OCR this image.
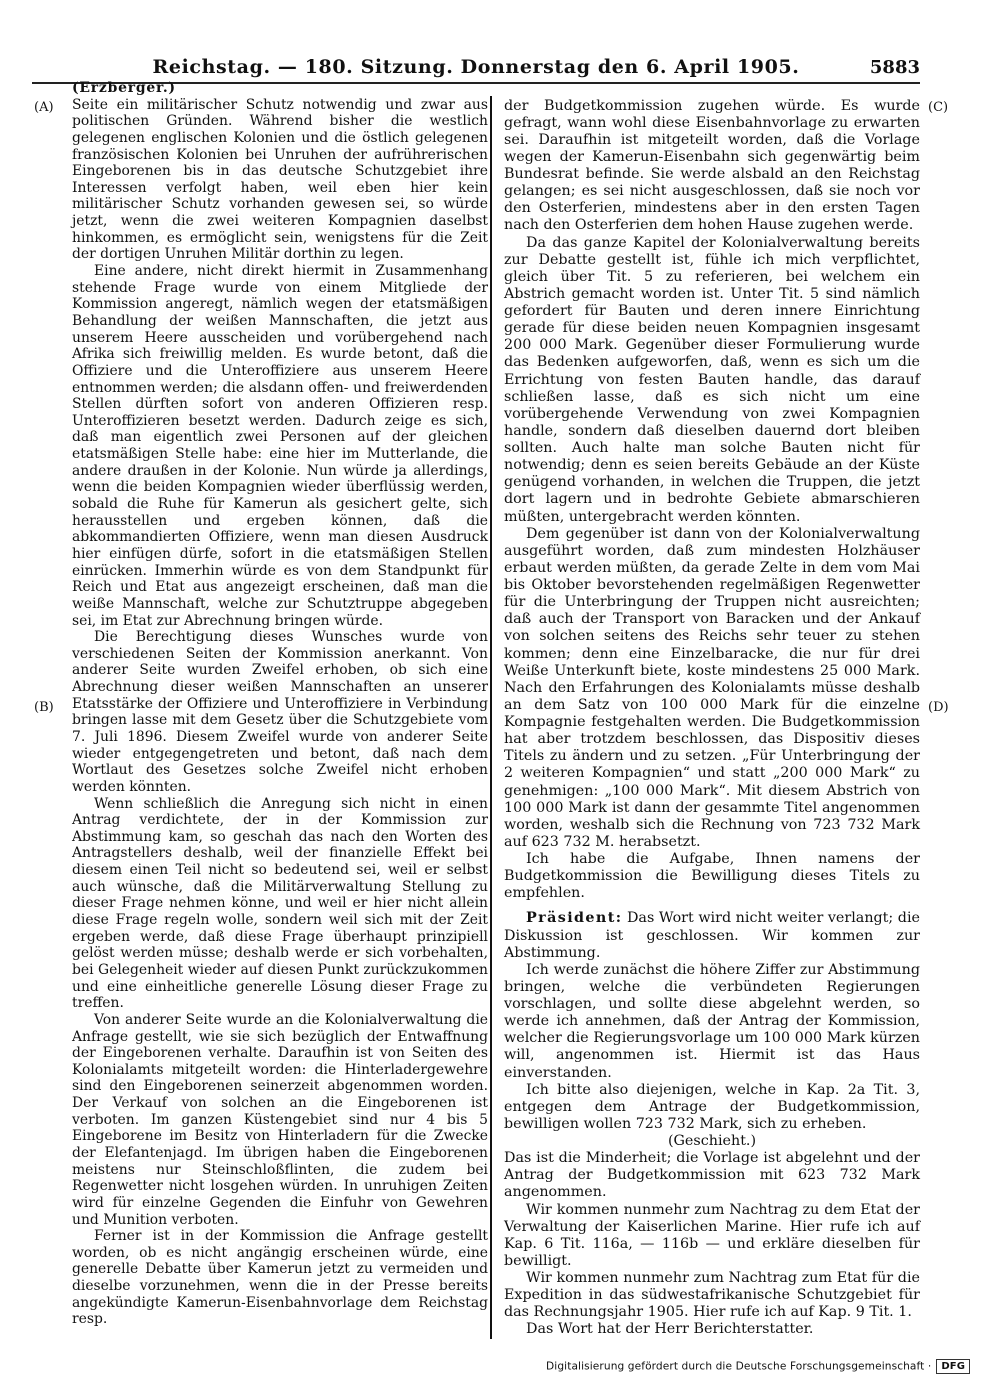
Reichstag. — 180. Sitzung. Donnerstag den 6. April 1905.	5883
(A)
(B)
(C)
(D)
(Erzberger.)

Seite ein militärischer Schutz notwendig und zwar aus politischen Gründen. Während bisher die westlich gelegenen englischen Kolonien und die östlich gelegenen französischen Kolonien bei Unruhen der aufrührerischen Eingeborenen bis in das deutsche Schutzgebiet ihre Interessen verfolgt haben, weil eben hier kein militärischer Schutz vorhanden gewesen sei, so würde jetzt, wenn die zwei weiteren Kompagnien daselbst hinkommen, es ermöglicht sein, wenigstens für die Zeit der dortigen Unruhen Militär dorthin zu legen.

Eine andere, nicht direkt hiermit in Zusammenhang stehende Frage wurde von einem Mitgliede der Kommission angeregt, nämlich wegen der etatsmäßigen Behandlung der weißen Mannschaften, die jetzt aus unserem Heere ausscheiden und vorübergehend nach Afrika sich freiwillig melden. Es wurde betont, daß die Offiziere und die Unteroffiziere aus unserem Heere entnommen werden; die alsdann offen- und freiwerdenden Stellen dürften sofort von anderen Offizieren resp. Unteroffizieren besetzt werden. Dadurch zeige es sich, daß man eigentlich zwei Personen auf der gleichen etatsmäßigen Stelle habe: eine hier im Mutterlande, die andere draußen in der Kolonie. Nun würde ja allerdings, wenn die beiden Kompagnien wieder überflüssig werden, sobald die Ruhe für Kamerun als gesichert gelte, sich herausstellen und ergeben können, daß die abkommandierten Offiziere, wenn man diesen Ausdruck hier einfügen dürfe, sofort in die etatsmäßigen Stellen einrücken. Immerhin würde es von dem Standpunkt für Reich und Etat aus angezeigt erscheinen, daß man die weiße Mannschaft, welche zur Schutztruppe abgegeben sei, im Etat zur Abrechnung bringen würde.

Die Berechtigung dieses Wunsches wurde von verschiedenen Seiten der Kommission anerkannt. Von anderer Seite wurden Zweifel erhoben, ob sich eine Abrechnung dieser weißen Mannschaften an unserer Etatsstärke der Offiziere und Unteroffiziere in Verbindung bringen lasse mit dem Gesetz über die Schutzgebiete vom 7. Juli 1896. Diesem Zweifel wurde von anderer Seite wieder entgegengetreten und betont, daß nach dem Wortlaut des Gesetzes solche Zweifel nicht erhoben werden könnten.

Wenn schließlich die Anregung sich nicht in einen Antrag verdichtete, der in der Kommission zur Abstimmung kam, so geschah das nach den Worten des Antragstellers deshalb, weil der finanzielle Effekt bei diesem einen Teil nicht so bedeutend sei, weil er selbst auch wünsche, daß die Militärverwaltung Stellung zu dieser Frage nehmen könne, und weil er hier nicht allein diese Frage regeln wolle, sondern weil sich mit der Zeit ergeben werde, daß diese Frage überhaupt prinzipiell gelöst werden müsse; deshalb werde er sich vorbehalten, bei Gelegenheit wieder auf diesen Punkt zurückzukommen und eine einheitliche generelle Lösung dieser Frage zu treffen.

Von anderer Seite wurde an die Kolonialverwaltung die Anfrage gestellt, wie sie sich bezüglich der Entwaffnung der Eingeborenen verhalte. Daraufhin ist von Seiten des Kolonialamts mitgeteilt worden: die Hinterladergewehre sind den Eingeborenen seinerzeit abgenommen worden. Der Verkauf von solchen an die Eingeborenen ist verboten. Im ganzen Küstengebiet sind nur 4 bis 5 Eingeborene im Besitz von Hinterladern für die Zwecke der Elefantenjagd. Im übrigen haben die Eingeborenen meistens nur Steinschloßflinten, die zudem bei Regenwetter nicht losgehen würden. In unruhigen Zeiten wird für einzelne Gegenden die Einfuhr von Gewehren und Munition verboten.

Ferner ist in der Kommission die Anfrage gestellt worden, ob es nicht angängig erscheinen würde, eine generelle Debatte über Kamerun jetzt zu vermeiden und dieselbe vorzunehmen, wenn die in der Presse bereits angekündigte Kamerun-Eisenbahnvorlage dem Reichstag resp.

der Budgetkommission zugehen würde. Es wurde gefragt, wann wohl diese Eisenbahnvorlage zu erwarten sei. Daraufhin ist mitgeteilt worden, daß die Vorlage wegen der Kamerun-Eisenbahn sich gegenwärtig beim Bundesrat befinde. Sie werde alsbald an den Reichstag gelangen; es sei nicht ausgeschlossen, daß sie noch vor den Osterferien, mindestens aber in den ersten Tagen nach den Osterferien dem hohen Hause zugehen werde.

Da das ganze Kapitel der Kolonialverwaltung bereits zur Debatte gestellt ist, fühle ich mich verpflichtet, gleich über Tit. 5 zu referieren, bei welchem ein Abstrich gemacht worden ist. Unter Tit. 5 sind nämlich gefordert für Bauten und deren innere Einrichtung gerade für diese beiden neuen Kompagnien insgesamt 200 000 Mark. Gegenüber dieser Formulierung wurde das Bedenken aufgeworfen, daß, wenn es sich um die Errichtung von festen Bauten handle, das darauf schließen lasse, daß es sich nicht um eine vorübergehende Verwendung von zwei Kompagnien handle, sondern daß dieselben dauernd dort bleiben sollten. Auch halte man solche Bauten nicht für notwendig; denn es seien bereits Gebäude an der Küste genügend vorhanden, in welchen die Truppen, die jetzt dort lagern und in bedrohte Gebiete abmarschieren müßten, untergebracht werden könnten.

Dem gegenüber ist dann von der Kolonialverwaltung ausgeführt worden, daß zum mindesten Holzhäuser erbaut werden müßten, da gerade Zelte in dem vom Mai bis Oktober bevorstehenden regelmäßigen Regenwetter für die Unterbringung der Truppen nicht ausreichten; daß auch der Transport von Baracken und der Ankauf von solchen seitens des Reichs sehr teuer zu stehen kommen; denn eine Einzelbaracke, die nur für drei Weiße Unterkunft biete, koste mindestens 25 000 Mark. Nach den Erfahrungen des Kolonialamts müsse deshalb an dem Satz von 100 000 Mark für die einzelne Kompagnie festgehalten werden. Die Budgetkommission hat aber trotzdem beschlossen, das Dispositiv dieses Titels zu ändern und zu setzen. „Für Unterbringung der 2 weiteren Kompagnien“ und statt „200 000 Mark“ zu genehmigen: „100 000 Mark“. Mit diesem Abstrich von 100 000 Mark ist dann der gesammte Titel angenommen worden, weshalb sich die Rechnung von 723 732 Mark auf 623 732 M. herabsetzt.

Ich habe die Aufgabe, Ihnen namens der Budgetkommission die Bewilligung dieses Titels zu empfehlen.

Präsident: Das Wort wird nicht weiter verlangt; die Diskussion ist geschlossen. Wir kommen zur Abstimmung.

Ich werde zunächst die höhere Ziffer zur Abstimmung bringen, welche die verbündeten Regierungen vorschlagen, und sollte diese abgelehnt werden, so werde ich annehmen, daß der Antrag der Kommission, welcher die Regierungsvorlage um 100 000 Mark kürzen will, angenommen ist. Hiermit ist das Haus einverstanden.

Ich bitte also diejenigen, welche in Kap. 2a Tit. 3, entgegen dem Antrage der Budgetkommission, bewilligen wollen 723 732 Mark, sich zu erheben.

(Geschieht.)

Das ist die Minderheit; die Vorlage ist abgelehnt und der Antrag der Budgetkommission mit 623 732 Mark angenommen.

Wir kommen nunmehr zum Nachtrag zu dem Etat der Verwaltung der Kaiserlichen Marine. Hier rufe ich auf Kap. 6 Tit. 116a, — 116b — und erkläre dieselben für bewilligt.

Wir kommen nunmehr zum Nachtrag zum Etat für die Expedition in das südwestafrikanische Schutzgebiet für das Rechnungsjahr 1905. Hier rufe ich auf Kap. 9 Tit. 1.

Das Wort hat der Herr Berichterstatter.

Digitalisierung gefördert durch die Deutsche Forschungsgemeinschaft · DFG
